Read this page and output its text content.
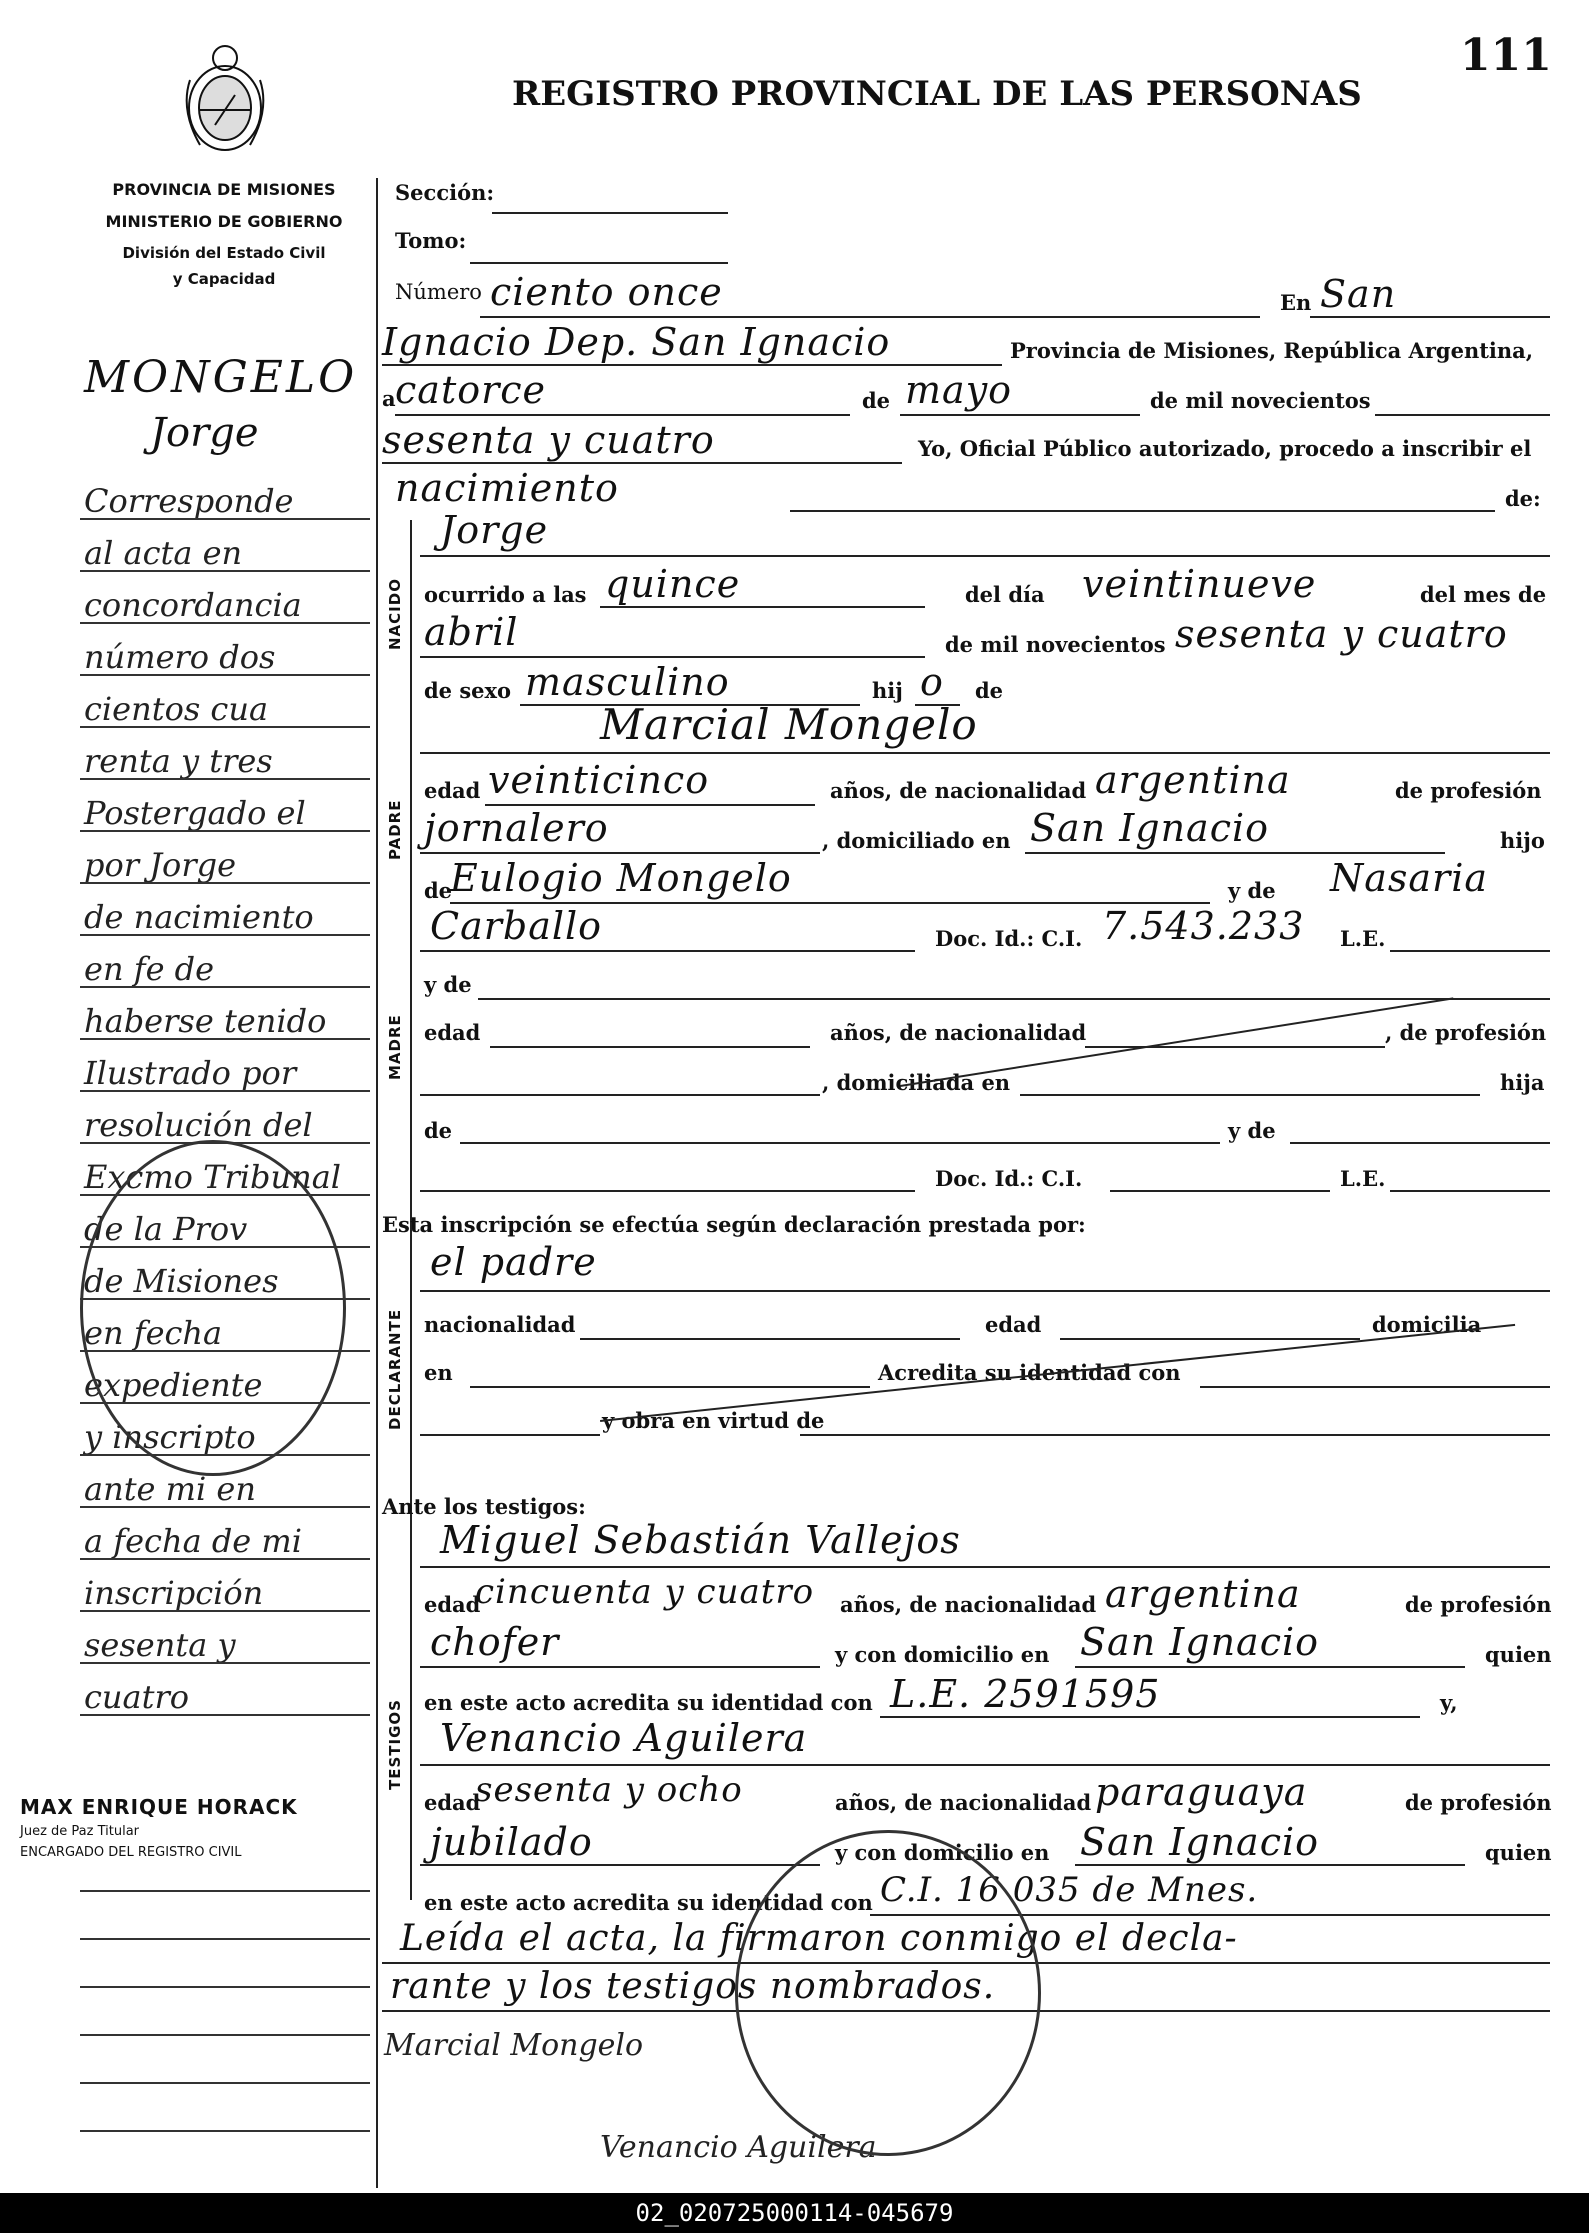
111
REGISTRO PROVINCIAL DE LAS PERSONAS
PROVINCIA DE MISIONES
MINISTERIO DE GOBIERNO
División del Estado Civil
y Capacidad
MONGELO
Jorge
Corresponde
al acta en
concordancia
número dos
cientos cua
renta y tres
Postergado el
por Jorge
de nacimiento
en fe de
haberse tenido
Ilustrado por
resolución del
Excmo Tribunal
de la Prov
de Misiones
en fecha
expediente
y inscripto
ante mi en
a fecha de mi
inscripción
sesenta y
cuatro
MAX ENRIQUE HORACK
Juez de Paz Titular
ENCARGADO DEL REGISTRO CIVIL
Sección:
Tomo:
Número ciento once	En San
Ignacio Dep. San Ignacio	Provincia de Misiones, República Argentina,
a catorce	de mayo	de mil novecientos
sesenta y cuatro	Yo, Oficial Público autorizado, procedo a inscribir el
nacimiento	de:
NACIDO
Jorge
ocurrido a las quince	del día veintinueve	del mes de
abril	de mil novecientos sesenta y cuatro
de sexo masculino	hij o de
PADRE
Marcial Mongelo
edad veinticinco	años, de nacionalidad argentina	de profesión
jornalero	, domiciliado en San Ignacio	hijo
de
Eulogio Mongelo	y de Nasaria
Carballo	Doc. Id.: C.I. 7.543.233 L.E.
MADRE
y de
edad	años, de nacionalidad	, de profesión
, domiciliada en	hija
de	y de
Doc. Id.: C.I.	L.E.
Esta inscripción se efectúa según declaración prestada por:
DECLARANTE
el padre
nacionalidad	edad	domicilia
en	Acredita su identidad con
y obra en virtud de
Ante los testigos:
TESTIGOS
Miguel Sebastián Vallejos
edad
cincuenta y cuatro años, de nacionalidad argentina	de profesión
chofer	y con domicilio en San Ignacio	quien
en este acto acredita su identidad con L.E. 2591595	y,
Venancio Aguilera
edad
sesenta y ocho	años, de nacionalidad paraguaya	de profesión
jubilado	y con domicilio en San Ignacio	quien
en este acto acredita su identidad con C.I. 16 035 de Mnes.
Leída el acta, la firmaron conmigo el decla-
rante y los testigos nombrados.
Marcial Mongelo
Venancio Aguilera
02_020725000114-045679
